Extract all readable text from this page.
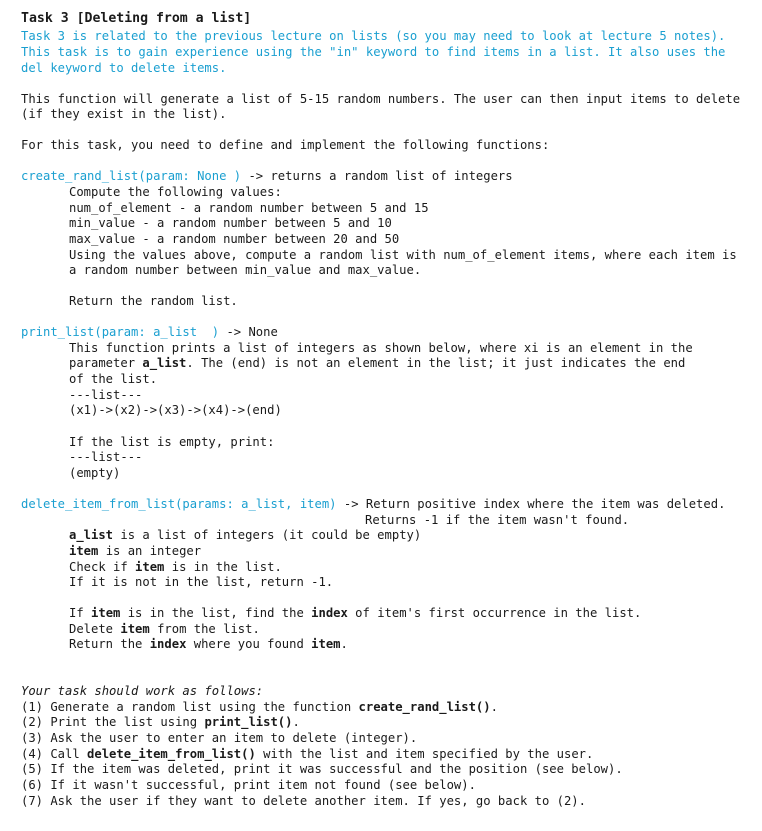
Task 3 [Deleting from a list]
Task 3 is related to the previous lecture on lists (so you may need to look at lecture 5 notes).
This task is to gain experience using the "in" keyword to find items in a list. It also uses the
del keyword to delete items.
This function will generate a list of 5-15 random numbers. The user can then input items to delete
(if they exist in the list).
For this task, you need to define and implement the following functions:
create_rand_list(param: None ) -> returns a random list of integers
Compute the following values:
num_of_element - a random number between 5 and 15
min_value - a random number between 5 and 10
max_value - a random number between 20 and 50
Using the values above, compute a random list with num_of_element items, where each item is
a random number between min_value and max_value.
Return the random list.
print_list(param: a_list  ) -> None
This function prints a list of integers as shown below, where xi is an element in the
parameter a_list. The (end) is not an element in the list; it just indicates the end
of the list.
---list---
(x1)->(x2)->(x3)->(x4)->(end)
If the list is empty, print:
---list---
(empty)
delete_item_from_list(params: a_list, item) -> Return positive index where the item was deleted.
Returns -1 if the item wasn't found.
a_list is a list of integers (it could be empty)
item is an integer
Check if item is in the list.
If it is not in the list, return -1.
If item is in the list, find the index of item's first occurrence in the list.
Delete item from the list.
Return the index where you found item.
Your task should work as follows:
(1) Generate a random list using the function create_rand_list().
(2) Print the list using print_list().
(3) Ask the user to enter an item to delete (integer).
(4) Call delete_item_from_list() with the list and item specified by the user.
(5) If the item was deleted, print it was successful and the position (see below).
(6) If it wasn't successful, print item not found (see below).
(7) Ask the user if they want to delete another item. If yes, go back to (2).
